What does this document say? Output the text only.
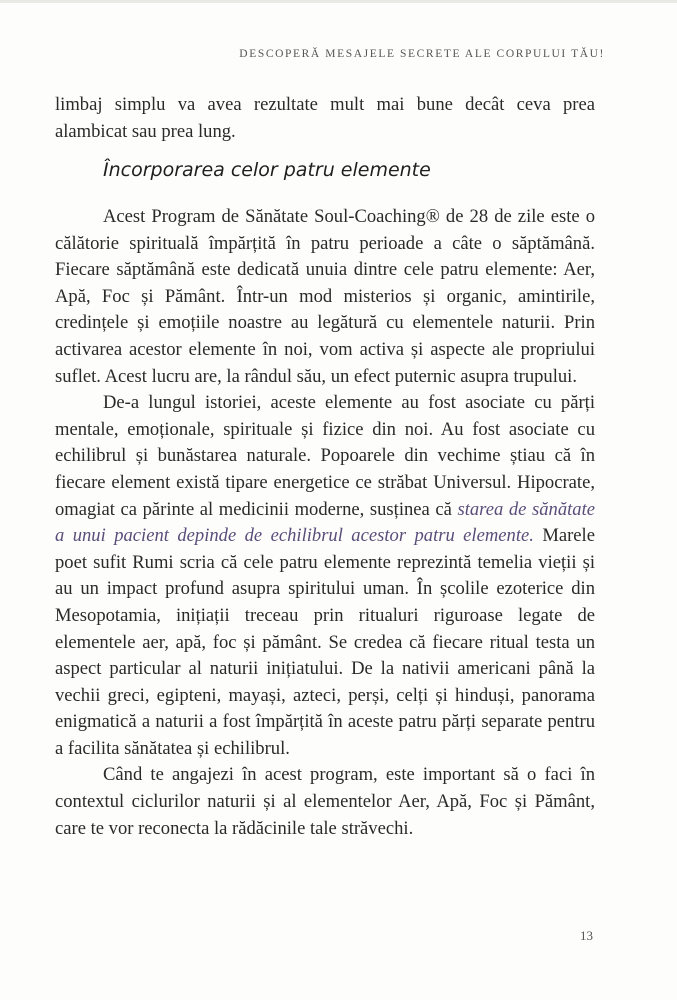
DESCOPERĂ MESAJELE SECRETE ALE CORPULUI TĂU!

limbaj simplu va avea rezultate mult mai bune decât ceva prea alambicat sau prea lung.

Încorporarea celor patru elemente

Acest Program de Sănătate Soul-Coaching® de 28 de zile este o călătorie spirituală împărțită în patru perioade a câte o săptămână. Fiecare săptămână este dedicată unuia dintre cele patru elemente: Aer, Apă, Foc și Pământ. Într-un mod misterios și organic, amintirile, credințele și emoțiile noastre au legătură cu elementele naturii. Prin activarea acestor elemente în noi, vom activa și aspecte ale propriului suflet. Acest lucru are, la rândul său, un efect puternic asupra trupului.

De-a lungul istoriei, aceste elemente au fost asociate cu părți mentale, emoționale, spirituale și fizice din noi. Au fost asociate cu echilibrul și bunăstarea naturale. Popoarele din vechime știau că în fiecare element există tipare energetice ce străbat Universul. Hipocrate, omagiat ca părinte al medicinii moderne, susținea că starea de sănătate a unui pacient depinde de echilibrul acestor patru elemente. Marele poet sufit Rumi scria că cele patru elemente reprezintă temelia vieții și au un impact profund asupra spiritului uman. În școlile ezoterice din Mesopotamia, inițiații treceau prin ritualuri riguroase legate de elementele aer, apă, foc și pământ. Se credea că fiecare ritual testa un aspect particular al naturii inițiatului. De la nativii americani până la vechii greci, egipteni, mayași, azteci, perși, celți și hinduși, panorama enigmatică a naturii a fost împărțită în aceste patru părți separate pentru a facilita sănătatea și echilibrul.

Când te angajezi în acest program, este important să o faci în contextul ciclurilor naturii și al elementelor Aer, Apă, Foc și Pământ, care te vor reconecta la rădăcinile tale străvechi.

13
